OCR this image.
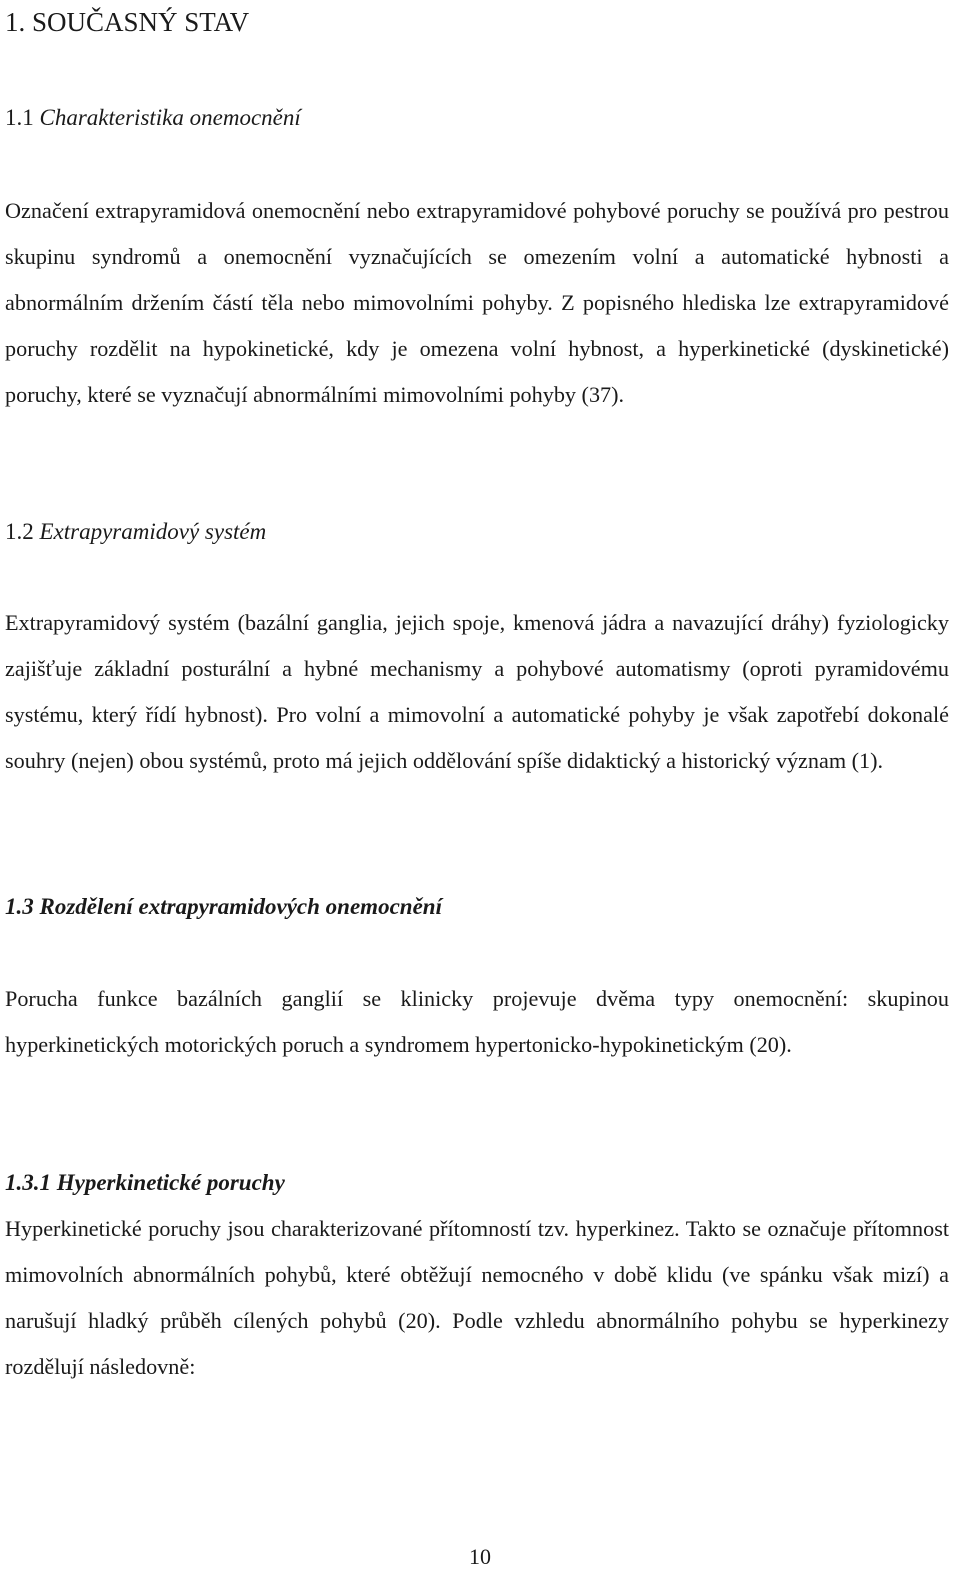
1. SOUČASNÝ STAV
1.1 Charakteristika onemocnění

Označení extrapyramidová onemocnění nebo extrapyramidové pohybové poruchy se používá pro pestrou skupinu syndromů a onemocnění vyznačujících se omezením volní a automatické hybnosti a abnormálním držením částí těla nebo mimovolními pohyby. Z popisného hlediska lze extrapyramidové poruchy rozdělit na hypokinetické, kdy je omezena volní hybnost, a hyperkinetické (dyskinetické) poruchy, které se vyznačují abnormálními mimovolními pohyby (37).

1.2 Extrapyramidový systém

Extrapyramidový systém (bazální ganglia, jejich spoje, kmenová jádra a navazující dráhy) fyziologicky zajišťuje základní posturální a hybné mechanismy a pohybové automatismy (oproti pyramidovému systému, který řídí hybnost). Pro volní a mimovolní a automatické pohyby je však zapotřebí dokonalé souhry (nejen) obou systémů, proto má jejich oddělování spíše didaktický a historický význam (1).

1.3 Rozdělení extrapyramidových onemocnění

Porucha funkce bazálních ganglií se klinicky projevuje dvěma typy onemocnění: skupinou hyperkinetických motorických poruch a syndromem hypertonicko-hypokinetickým (20).

1.3.1 Hyperkinetické poruchy

Hyperkinetické poruchy jsou charakterizované přítomností tzv. hyperkinez. Takto se označuje přítomnost mimovolních abnormálních pohybů, které obtěžují nemocného v době klidu (ve spánku však mizí) a narušují hladký průběh cílených pohybů (20). Podle vzhledu abnormálního pohybu se hyperkinezy rozdělují následovně:

10
